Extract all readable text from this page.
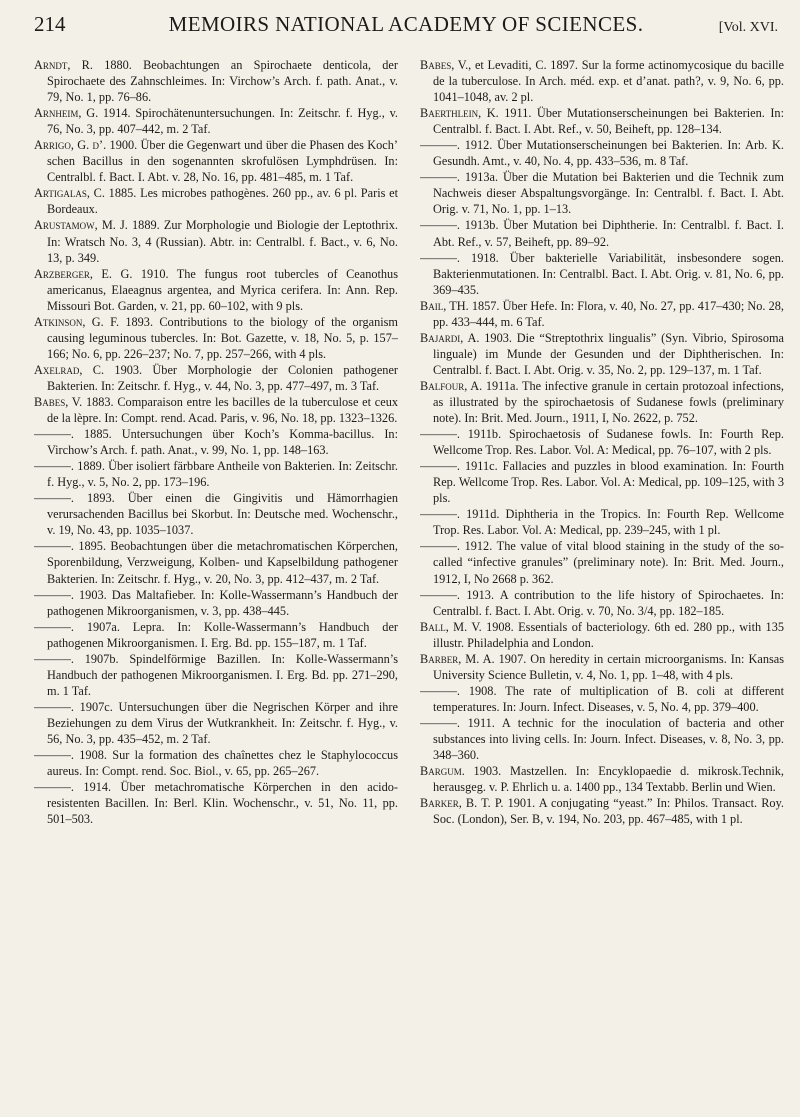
214	MEMOIRS NATIONAL ACADEMY OF SCIENCES.	[Vol. XVI.
Arndt, R. 1880. Beobachtungen an Spirochaete denticola, der Spirochaete des Zahnschleimes. In: Virchow’s Arch. f. path. Anat., v. 79, No. 1, pp. 76–86.
Arnheim, G. 1914. Spirochätenuntersuchungen. In: Zeitschr. f. Hyg., v. 76, No. 3, pp. 407–442, m. 2 Taf.
Arrigo, G. d’. 1900. Über die Gegenwart und über die Phasen des Koch’ schen Bacillus in den sogenannten skrofulösen Lymphdrüsen. In: Centralbl. f. Bact. I. Abt. v. 28, No. 16, pp. 481–485, m. 1 Taf.
Artigalas, C. 1885. Les microbes pathogènes. 260 pp., av. 6 pl. Paris et Bordeaux.
Arustamow, M. J. 1889. Zur Morphologie und Biologie der Leptothrix. In: Wratsch No. 3, 4 (Russian). Abtr. in: Centralbl. f. Bact., v. 6, No. 13, p. 349.
Arzberger, E. G. 1910. The fungus root tubercles of Ceanothus americanus, Elaeagnus argentea, and Myrica cerifera. In: Ann. Rep. Missouri Bot. Garden, v. 21, pp. 60–102, with 9 pls.
Atkinson, G. F. 1893. Contributions to the biology of the organism causing leguminous tubercles. In: Bot. Gazette, v. 18, No. 5, p. 157–166; No. 6, pp. 226–237; No. 7, pp. 257–266, with 4 pls.
Axelrad, C. 1903. Über Morphologie der Colonien pathogener Bakterien. In: Zeitschr. f. Hyg., v. 44, No. 3, pp. 477–497, m. 3 Taf.
Babes, V. 1883. Comparaison entre les bacilles de la tuberculose et ceux de la lèpre. In: Compt. rend. Acad. Paris, v. 96, No. 18, pp. 1323–1326.
———. 1885. Untersuchungen über Koch’s Komma-bacillus. In: Virchow’s Arch. f. path. Anat., v. 99, No. 1, pp. 148–163.
———. 1889. Über isoliert färbbare Antheile von Bakterien. In: Zeitschr. f. Hyg., v. 5, No. 2, pp. 173–196.
———. 1893. Über einen die Gingivitis und Hämorrhagien verursachenden Bacillus bei Skorbut. In: Deutsche med. Wochenschr., v. 19, No. 43, pp. 1035–1037.
———. 1895. Beobachtungen über die metachromatischen Körperchen, Sporenbildung, Verzweigung, Kolben- und Kapselbildung pathogener Bakterien. In: Zeitschr. f. Hyg., v. 20, No. 3, pp. 412–437, m. 2 Taf.
———. 1903. Das Maltafieber. In: Kolle-Wassermann’s Handbuch der pathogenen Mikroorganismen, v. 3, pp. 438–445.
———. 1907a. Lepra. In: Kolle-Wassermann’s Handbuch der pathogenen Mikroorganismen. I. Erg. Bd. pp. 155–187, m. 1 Taf.
———. 1907b. Spindelförmige Bazillen. In: Kolle-Wassermann’s Handbuch der pathogenen Mikroorganismen. I. Erg. Bd. pp. 271–290, m. 1 Taf.
———. 1907c. Untersuchungen über die Negrischen Körper and ihre Beziehungen zu dem Virus der Wutkrankheit. In: Zeitschr. f. Hyg., v. 56, No. 3, pp. 435–452, m. 2 Taf.
———. 1908. Sur la formation des chaînettes chez le Staphylococcus aureus. In: Compt. rend. Soc. Biol., v. 65, pp. 265–267.
———. 1914. Über metachromatische Körperchen in den acido-resistenten Bacillen. In: Berl. Klin. Wochenschr., v. 51, No. 11, pp. 501–503.
Babes, V., et Levaditi, C. 1897. Sur la forme actinomycosique du bacille de la tuberculose. In Arch. méd. exp. et d’anat. path?, v. 9, No. 6, pp. 1041–1048, av. 2 pl.
Baerthlein, K. 1911. Über Mutationserscheinungen bei Bakterien. In: Centralbl. f. Bact. I. Abt. Ref., v. 50, Beiheft, pp. 128–134.
———. 1912. Über Mutationserscheinungen bei Bakterien. In: Arb. K. Gesundh. Amt., v. 40, No. 4, pp. 433–536, m. 8 Taf.
———. 1913a. Über die Mutation bei Bakterien und die Technik zum Nachweis dieser Abspaltungsvorgänge. In: Centralbl. f. Bact. I. Abt. Orig. v. 71, No. 1, pp. 1–13.
———. 1913b. Über Mutation bei Diphtherie. In: Centralbl. f. Bact. I. Abt. Ref., v. 57, Beiheft, pp. 89–92.
———. 1918. Über bakterielle Variabilität, insbesondere sogen. Bakterienmutationen. In: Centralbl. Bact. I. Abt. Orig. v. 81, No. 6, pp. 369–435.
Bail, TH. 1857. Über Hefe. In: Flora, v. 40, No. 27, pp. 417–430; No. 28, pp. 433–444, m. 6 Taf.
Bajardi, A. 1903. Die “Streptothrix lingualis” (Syn. Vibrio, Spirosoma linguale) im Munde der Gesunden und der Diphtherischen. In: Centralbl. f. Bact. I. Abt. Orig. v. 35, No. 2, pp. 129–137, m. 1 Taf.
Balfour, A. 1911a. The infective granule in certain protozoal infections, as illustrated by the spirochaetosis of Sudanese fowls (preliminary note). In: Brit. Med. Journ., 1911, I, No. 2622, p. 752.
———. 1911b. Spirochaetosis of Sudanese fowls. In: Fourth Rep. Wellcome Trop. Res. Labor. Vol. A: Medical, pp. 76–107, with 2 pls.
———. 1911c. Fallacies and puzzles in blood examination. In: Fourth Rep. Wellcome Trop. Res. Labor. Vol. A: Medical, pp. 109–125, with 3 pls.
———. 1911d. Diphtheria in the Tropics. In: Fourth Rep. Wellcome Trop. Res. Labor. Vol. A: Medical, pp. 239–245, with 1 pl.
———. 1912. The value of vital blood staining in the study of the so-called “infective granules” (preliminary note). In: Brit. Med. Journ., 1912, I, No 2668 p. 362.
———. 1913. A contribution to the life history of Spirochaetes. In: Centralbl. f. Bact. I. Abt. Orig. v. 70, No. 3/4, pp. 182–185.
Ball, M. V. 1908. Essentials of bacteriology. 6th ed. 280 pp., with 135 illustr. Philadelphia and London.
Barber, M. A. 1907. On heredity in certain microorganisms. In: Kansas University Science Bulletin, v. 4, No. 1, pp. 1–48, with 4 pls.
———. 1908. The rate of multiplication of B. coli at different temperatures. In: Journ. Infect. Diseases, v. 5, No. 4, pp. 379–400.
———. 1911. A technic for the inoculation of bacteria and other substances into living cells. In: Journ. Infect. Diseases, v. 8, No. 3, pp. 348–360.
Bargum. 1903. Mastzellen. In: Encyklopaedie d. mikrosk.Technik, herausgeg. v. P. Ehrlich u. a. 1400 pp., 134 Textabb. Berlin und Wien.
Barker, B. T. P. 1901. A conjugating “yeast.” In: Philos. Transact. Roy. Soc. (London), Ser. B, v. 194, No. 203, pp. 467–485, with 1 pl.
